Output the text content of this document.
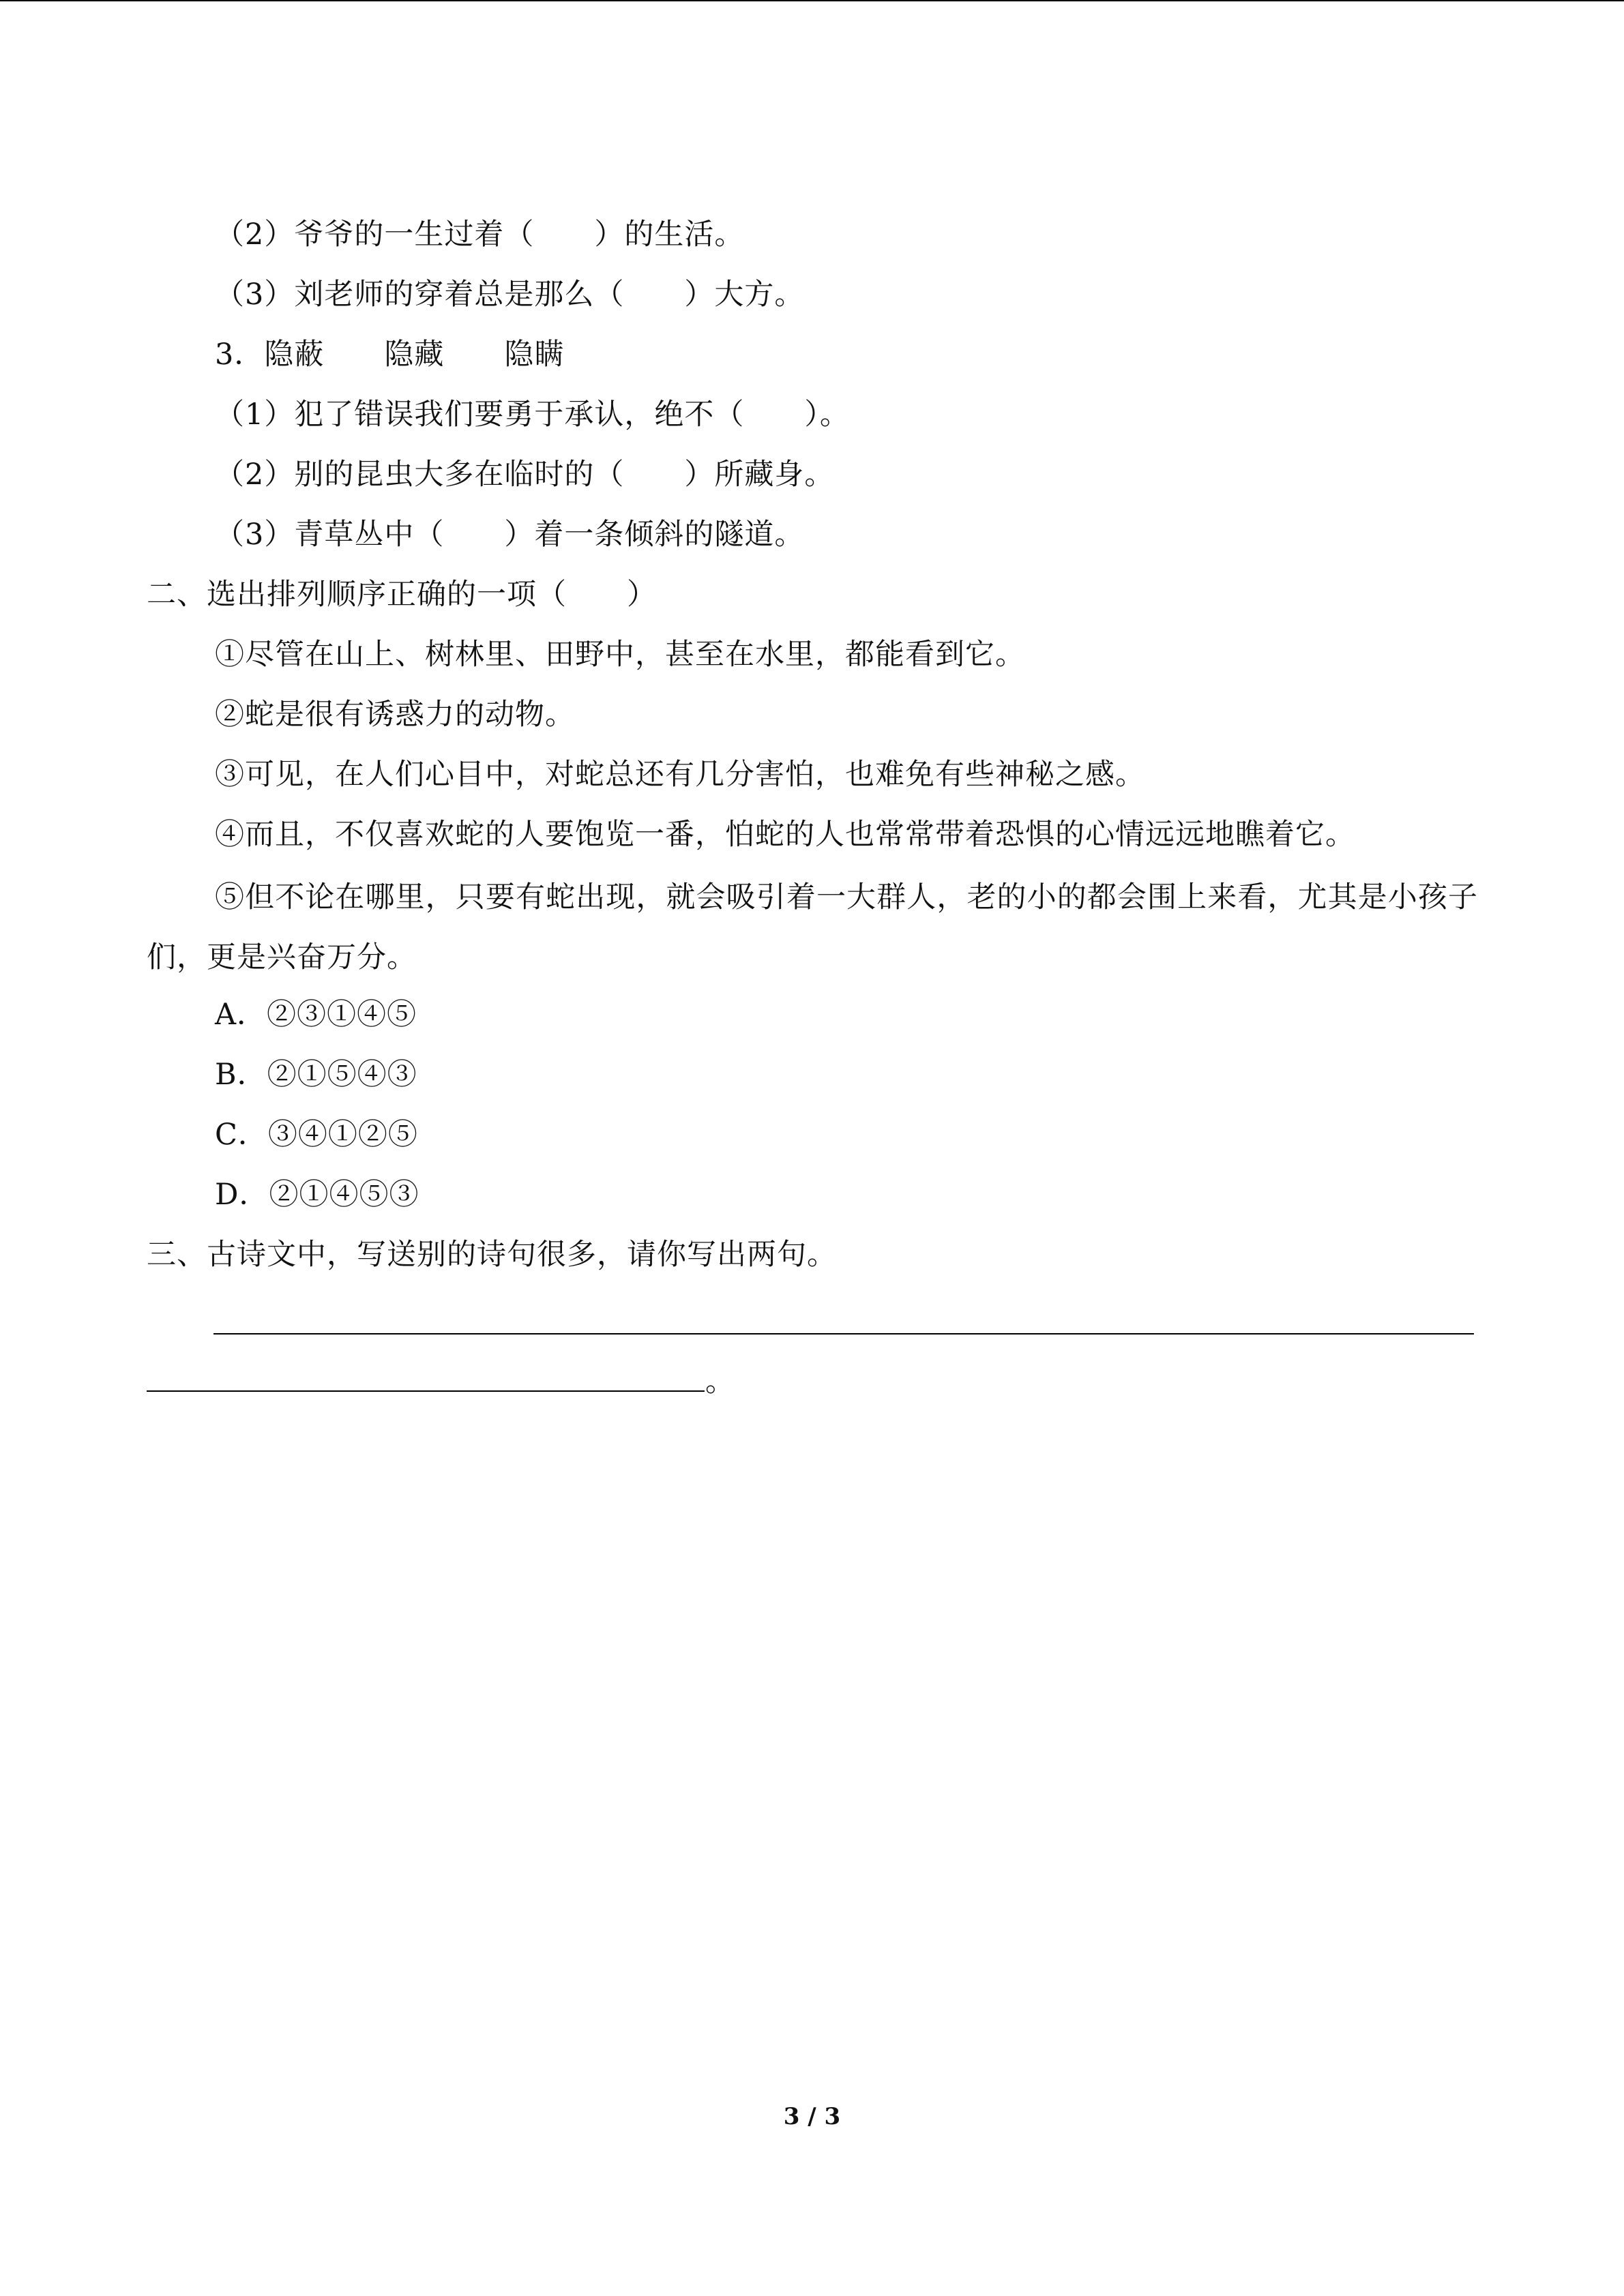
（2）爷爷的一生过着（　　）的生活。
（3）刘老师的穿着总是那么（　　）大方。
3．隐蔽　　隐藏　　隐瞒
（1）犯了错误我们要勇于承认，绝不（　　）。
（2）别的昆虫大多在临时的（　　）所藏身。
（3）青草丛中（　　）着一条倾斜的隧道。
二、选出排列顺序正确的一项（　　）
①尽管在山上、树林里、田野中，甚至在水里，都能看到它。
②蛇是很有诱惑力的动物。
③可见，在人们心目中，对蛇总还有几分害怕，也难免有些神秘之感。
④而且，不仅喜欢蛇的人要饱览一番，怕蛇的人也常常带着恐惧的心情远远地瞧着它。
⑤但不论在哪里，只要有蛇出现，就会吸引着一大群人，老的小的都会围上来看，尤其是小孩子们，更是兴奋万分。
A．②③①④⑤
B．②①⑤④③
C．③④①②⑤
D．②①④⑤③
三、古诗文中，写送别的诗句很多，请你写出两句。
。
3 / 3
